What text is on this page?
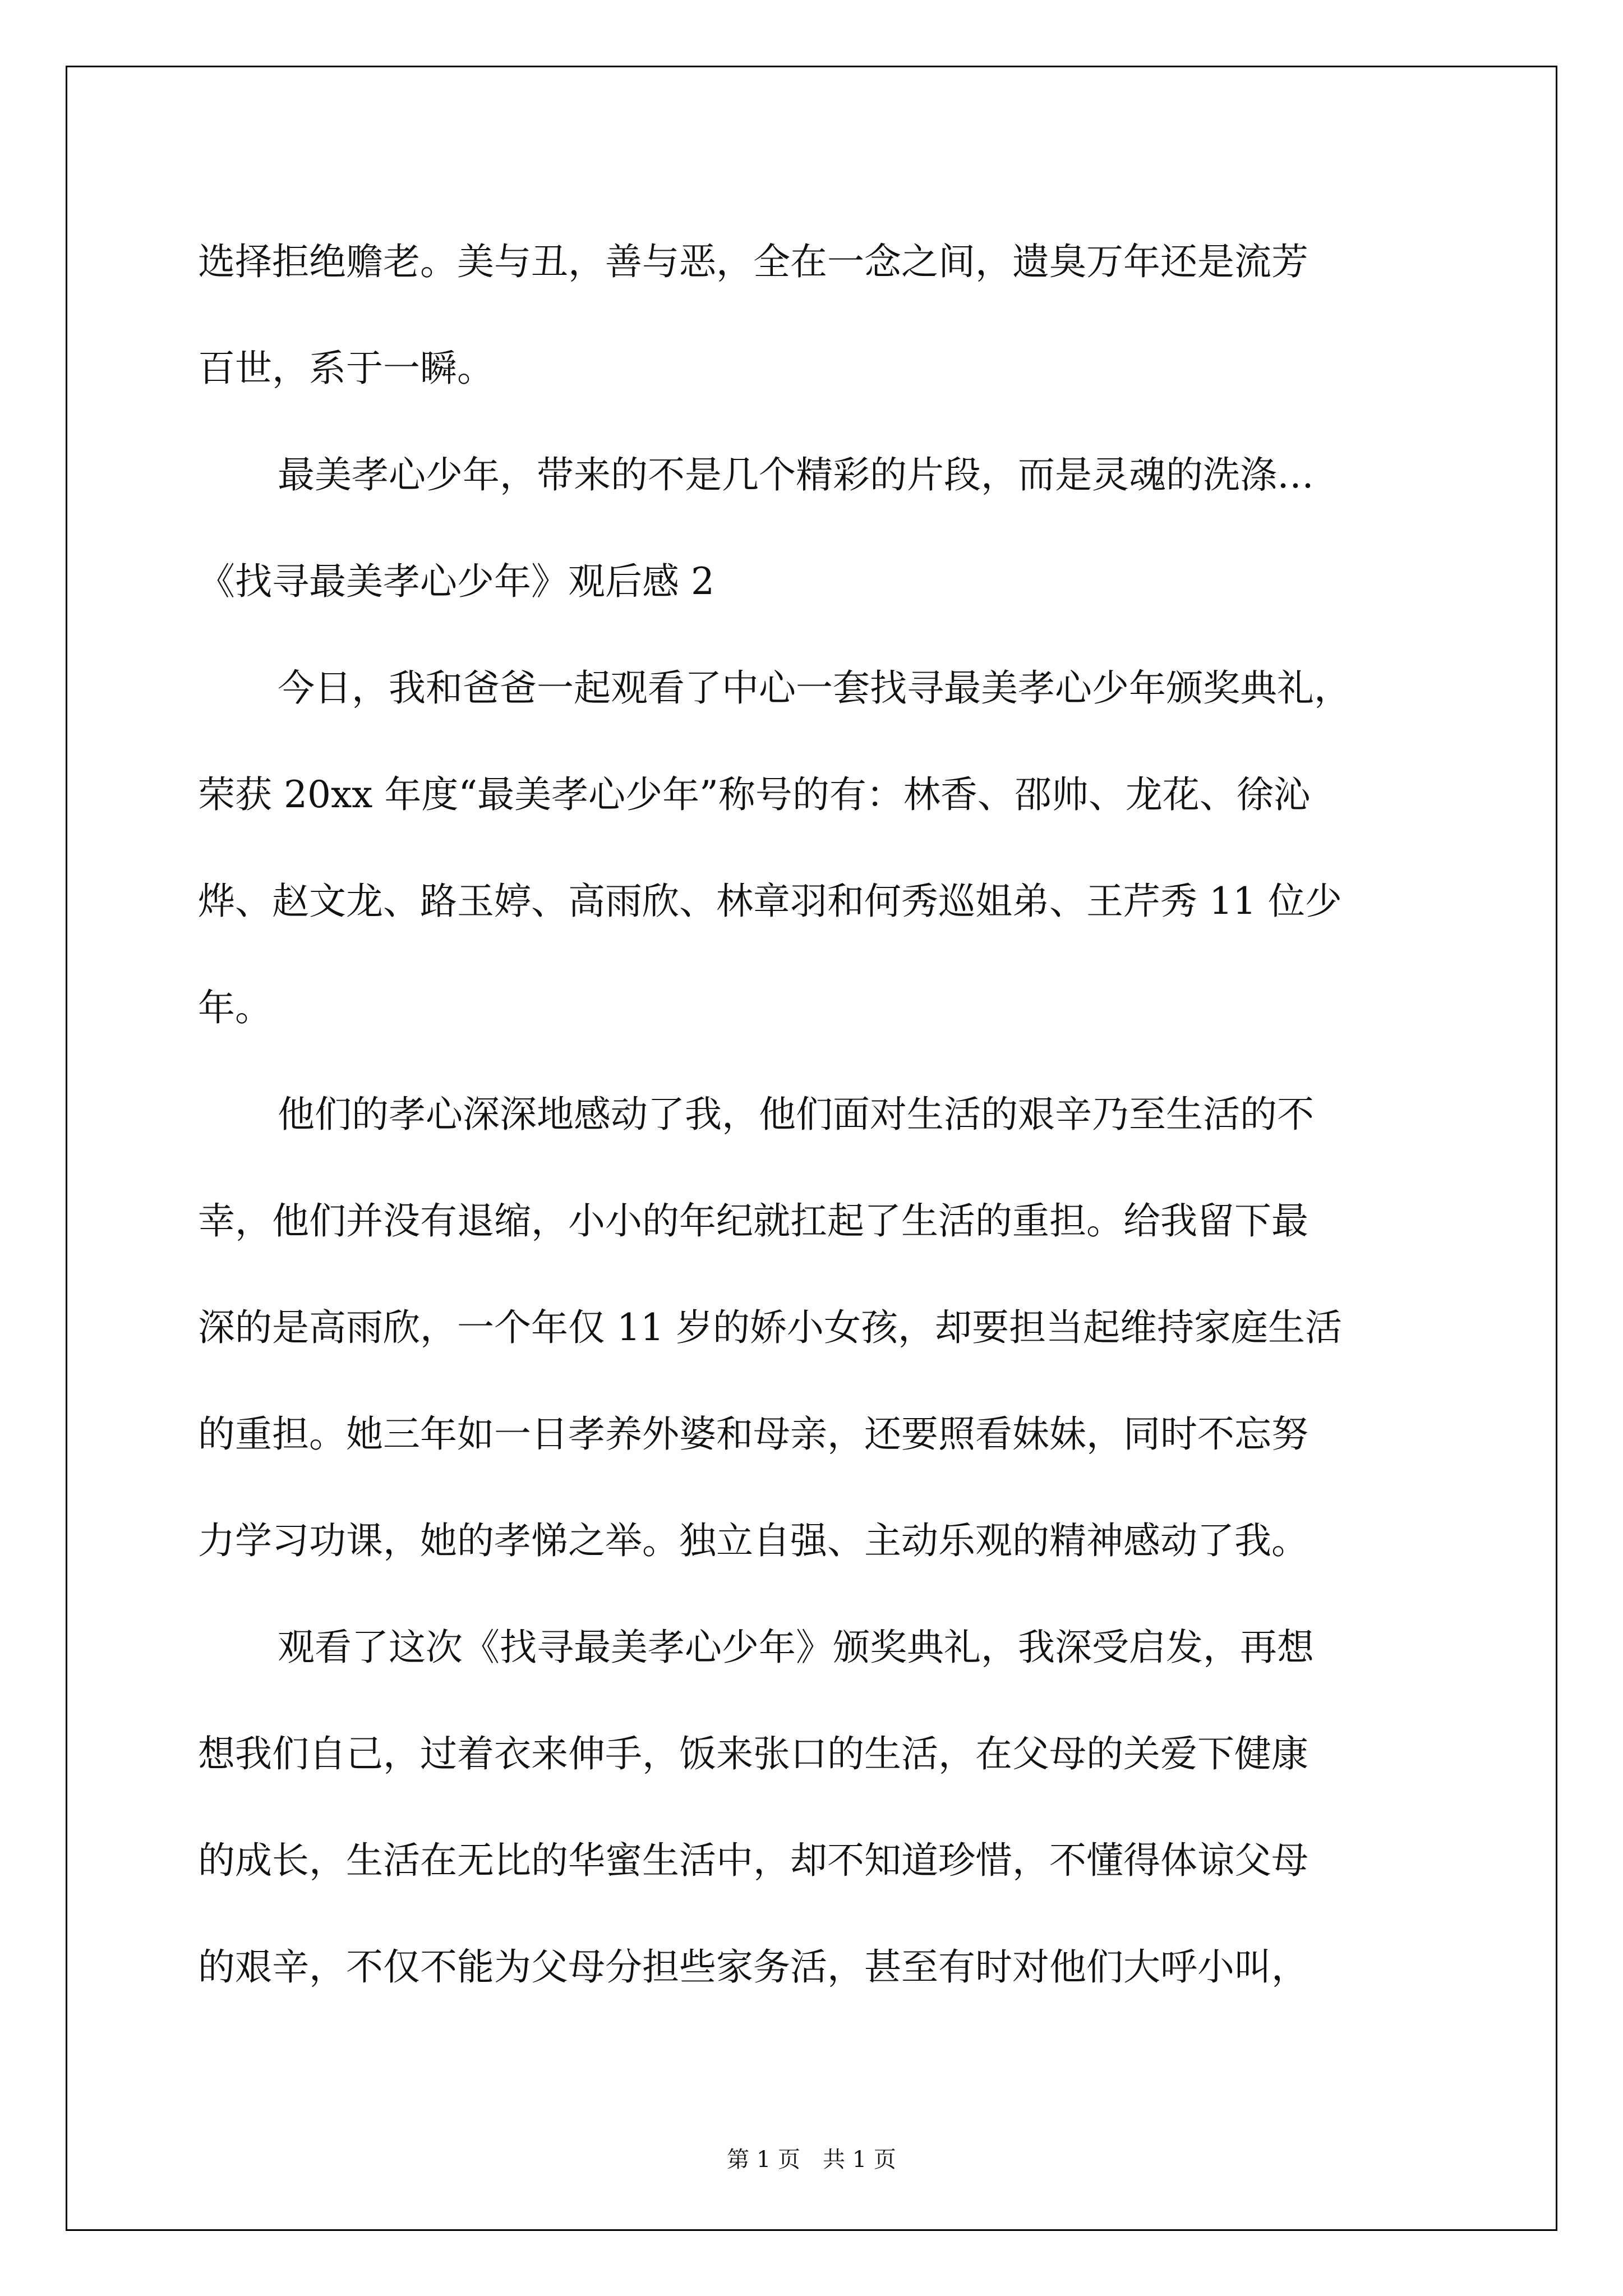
选择拒绝赡老。美与丑，善与恶，全在一念之间，遗臭万年还是流芳
百世，系于一瞬。
最美孝心少年，带来的不是几个精彩的片段，而是灵魂的洗涤…
《找寻最美孝心少年》观后感 2
今日，我和爸爸一起观看了中心一套找寻最美孝心少年颁奖典礼，
荣获 20xx 年度“最美孝心少年”称号的有：林香、邵帅、龙花、徐沁
烨、赵文龙、路玉婷、高雨欣、林章羽和何秀巡姐弟、王芹秀 11 位少
年。
他们的孝心深深地感动了我，他们面对生活的艰辛乃至生活的不
幸，他们并没有退缩，小小的年纪就扛起了生活的重担。给我留下最
深的是高雨欣，一个年仅 11 岁的娇小女孩，却要担当起维持家庭生活
的重担。她三年如一日孝养外婆和母亲，还要照看妹妹，同时不忘努
力学习功课，她的孝悌之举。独立自强、主动乐观的精神感动了我。
观看了这次《找寻最美孝心少年》颁奖典礼，我深受启发，再想
想我们自己，过着衣来伸手，饭来张口的生活，在父母的关爱下健康
的成长，生活在无比的华蜜生活中，却不知道珍惜，不懂得体谅父母
的艰辛，不仅不能为父母分担些家务活，甚至有时对他们大呼小叫，
第 1 页　共 1 页
